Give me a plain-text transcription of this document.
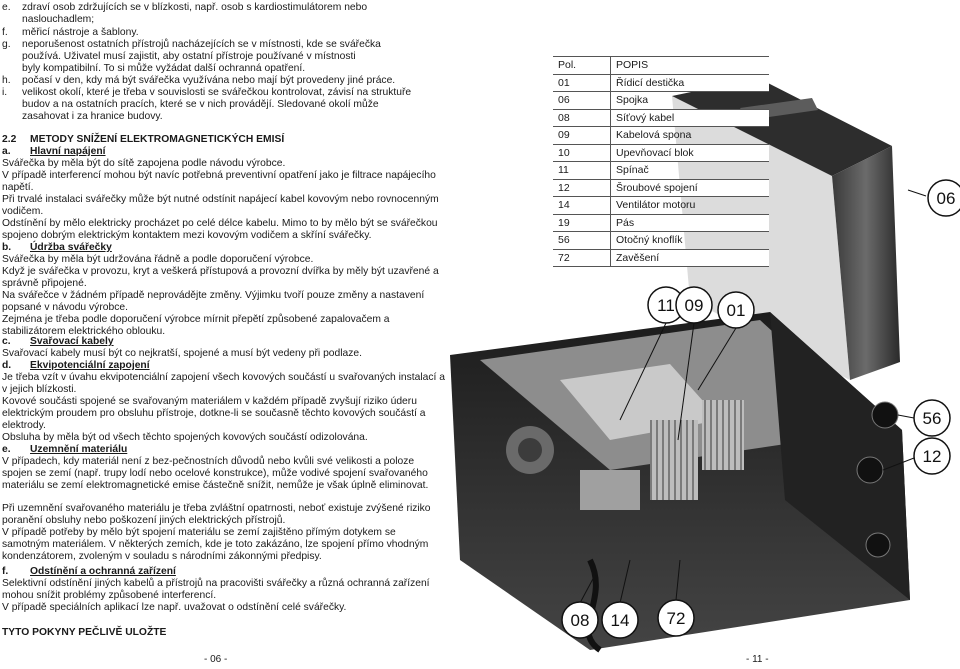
e. zdraví osob zdržujících se v blízkosti, např. osob s kardiostimulátorem nebo
naslouchadlem;
f. měřicí nástroje a šablony.
g. neporušenost ostatních přístrojů nacházejících se v místnosti, kde se svářečka
používá. Uživatel musí zajistit, aby ostatní přístroje používané v místnosti
byly kompatibilní. To si může vyžádat další ochranná opatření.
h. počasí v den, kdy má být svářečka využívána nebo mají být provedeny jiné práce.
i. velikost okolí, které je třeba v souvislosti se svářečkou kontrolovat, závisí na struktuře
budov a na ostatních pracích, které se v nich provádějí. Sledované okolí může
zasahovat i za hranice budovy.
2.2 METODY SNÍŽENÍ ELEKTROMAGNETICKÝCH EMISÍ
a. Hlavní napájení
Svářečka by měla být do sítě zapojena podle návodu výrobce.
V případě interferencí mohou být navíc potřebná preventivní opatření jako je filtrace napájecího
napětí.
Při trvalé instalaci svářečky může být nutné odstínit napájecí kabel kovovým nebo rovnocenným
vodičem.
Odstínění by mělo elektricky procházet po celé délce kabelu. Mimo to by mělo být se svářečkou
spojeno dobrým elektrickým kontaktem mezi kovovým vodičem a skříní svářečky.
b. Údržba svářečky
Svářečka by měla být udržována řádně a podle doporučení výrobce.
Když je svářečka v provozu, kryt a veškerá přístupová a provozní dvířka by měly být uzavřené a
správně připojené.
Na svářečce v žádném případě neprovádějte změny. Výjimku tvoří pouze změny a nastavení
popsané v návodu výrobce.
Zejména je třeba podle doporučení výrobce mírnit přepětí způsobené zapalovačem a
stabilizátorem elektrického oblouku.
c. Svařovací kabely
Svařovací kabely musí být co nejkratší, spojené a musí být vedeny při podlaze.
d. Ekvipotenciální zapojení
Je třeba vzít v úvahu ekvipotenciální zapojení všech kovových součástí u svařovaných instalací a
v jejich blízkosti.
Kovové součásti spojené se svařovaným materiálem v každém případě zvyšují riziko úderu
elektrickým proudem pro obsluhu přístroje, dotkne-li se současně těchto kovových součástí a
elektrody.
Obsluha by měla být od všech těchto spojených kovových součástí odizolována.
e. Uzemnění materiálu
V případech, kdy materiál není z bez-pečnostních důvodů nebo kvůli své velikosti a poloze
spojen se zemí (např. trupy lodí nebo ocelové konstrukce), může vodivé spojení svařovaného
materiálu se zemí elektromagnetické emise částečně snížit, nemůže je však úplně eliminovat.
Při uzemnění svařovaného materiálu je třeba zvláštní opatrnosti, neboť existuje zvýšené riziko
poranění obsluhy nebo poškození jiných elektrických přístrojů.
V případě potřeby by mělo být spojení materiálu se zemí zajištěno přímým dotykem se
samotným materiálem. V některých zemích, kde je toto zakázáno, lze spojení přímo vhodným
kondenzátorem, zvoleným v souladu s národními zákonnými předpisy.
f. Odstínění a ochranná zařízení
Selektivní odstínění jiných kabelů a přístrojů na pracovišti svářečky a různá ochranná zařízení
mohou snížit problémy způsobené interferencí.
V případě speciálních aplikací lze např. uvažovat o odstínění celé svářečky.
TYTO POKYNY PEČLIVĚ ULOŽTE
- 06 -
06
11 09 01
56
12
08 14 72
Pol.	POPIS
01	Řídicí destička
06	Spojka
08	Síťový kabel
09	Kabelová spona
10	Upevňovací blok
11	Spínač
12	Šroubové spojení
14	Ventilátor motoru
19	Pás
56	Otočný knoflík
72	Zavěšení
- 11 -
